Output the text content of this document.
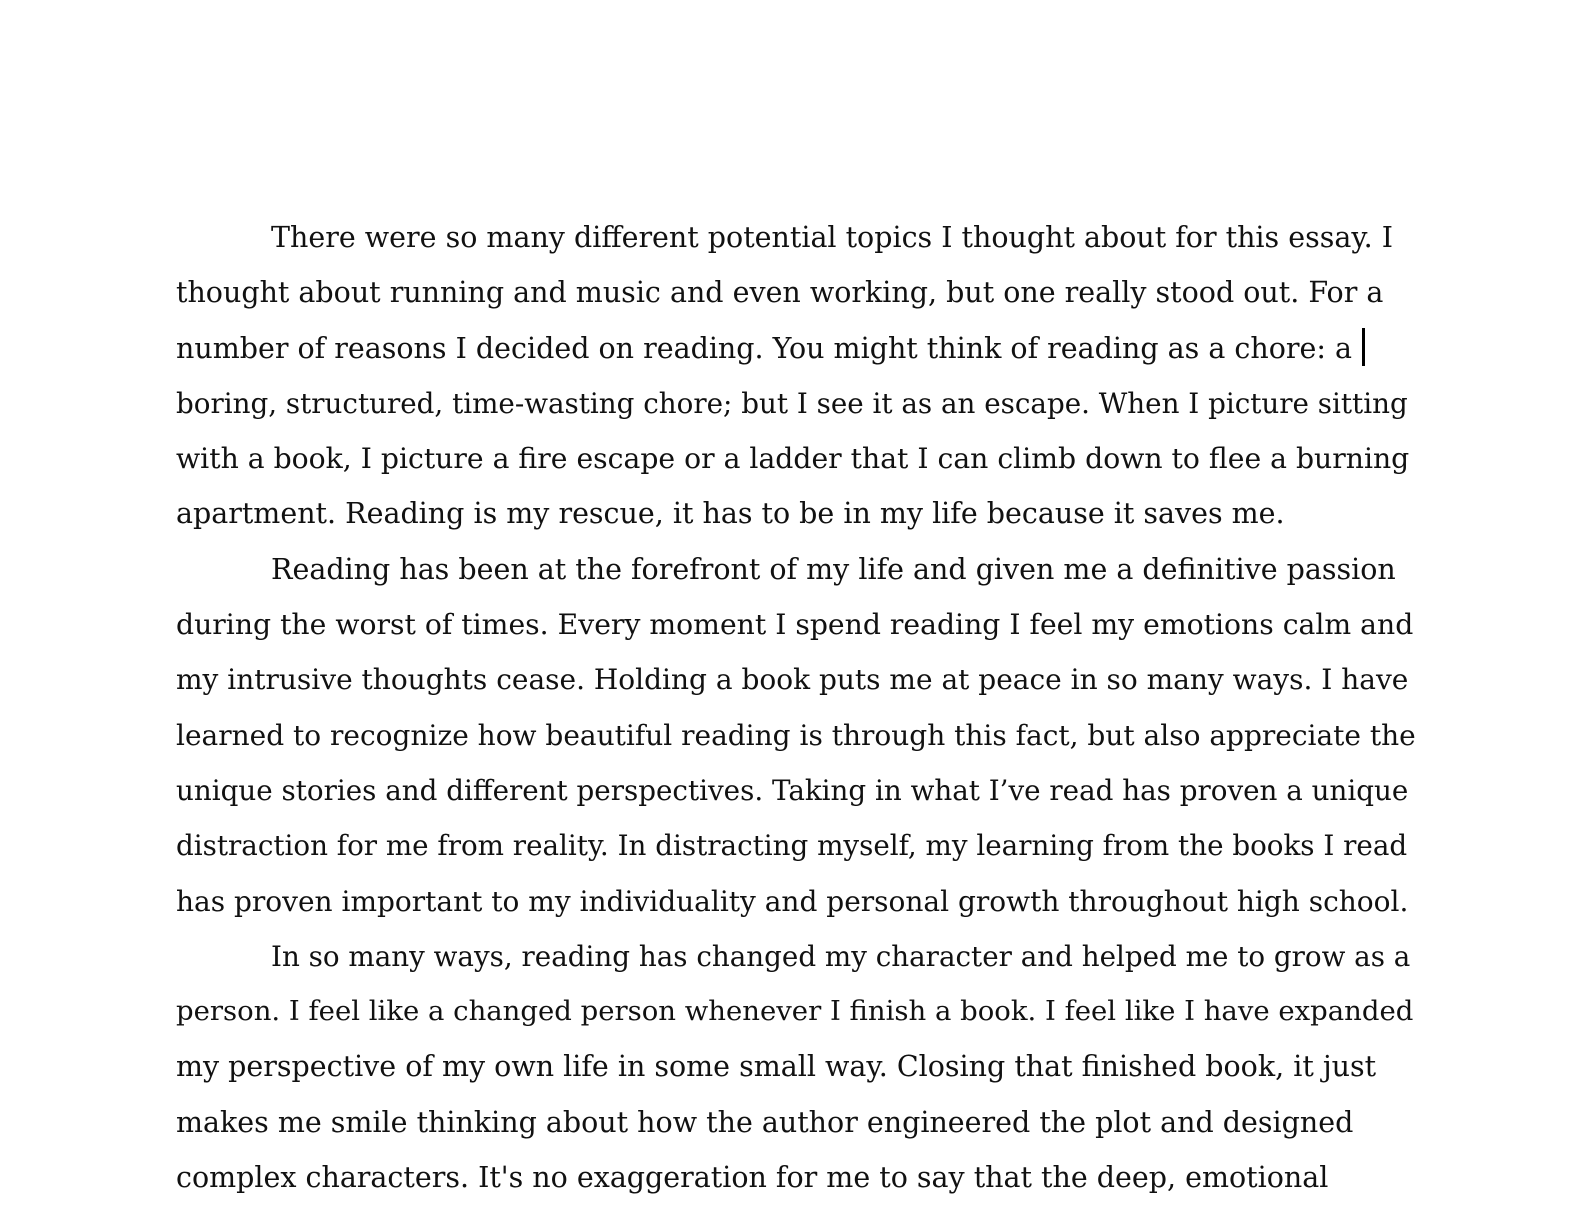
There were so many different potential topics I thought about for this essay. I
thought about running and music and even working, but one really stood out. For a
number of reasons I decided on reading. You might think of reading as a chore: a
boring, structured, time-wasting chore; but I see it as an escape. When I picture sitting
with a book, I picture a fire escape or a ladder that I can climb down to flee a burning
apartment. Reading is my rescue, it has to be in my life because it saves me.
Reading has been at the forefront of my life and given me a definitive passion
during the worst of times. Every moment I spend reading I feel my emotions calm and
my intrusive thoughts cease. Holding a book puts me at peace in so many ways. I have
learned to recognize how beautiful reading is through this fact, but also appreciate the
unique stories and different perspectives. Taking in what I’ve read has proven a unique
distraction for me from reality. In distracting myself, my learning from the books I read
has proven important to my individuality and personal growth throughout high school.
In so many ways, reading has changed my character and helped me to grow as a
person. I feel like a changed person whenever I finish a book. I feel like I have expanded
my perspective of my own life in some small way. Closing that finished book, it just
makes me smile thinking about how the author engineered the plot and designed
complex characters. It's no exaggeration for me to say that the deep, emotional
